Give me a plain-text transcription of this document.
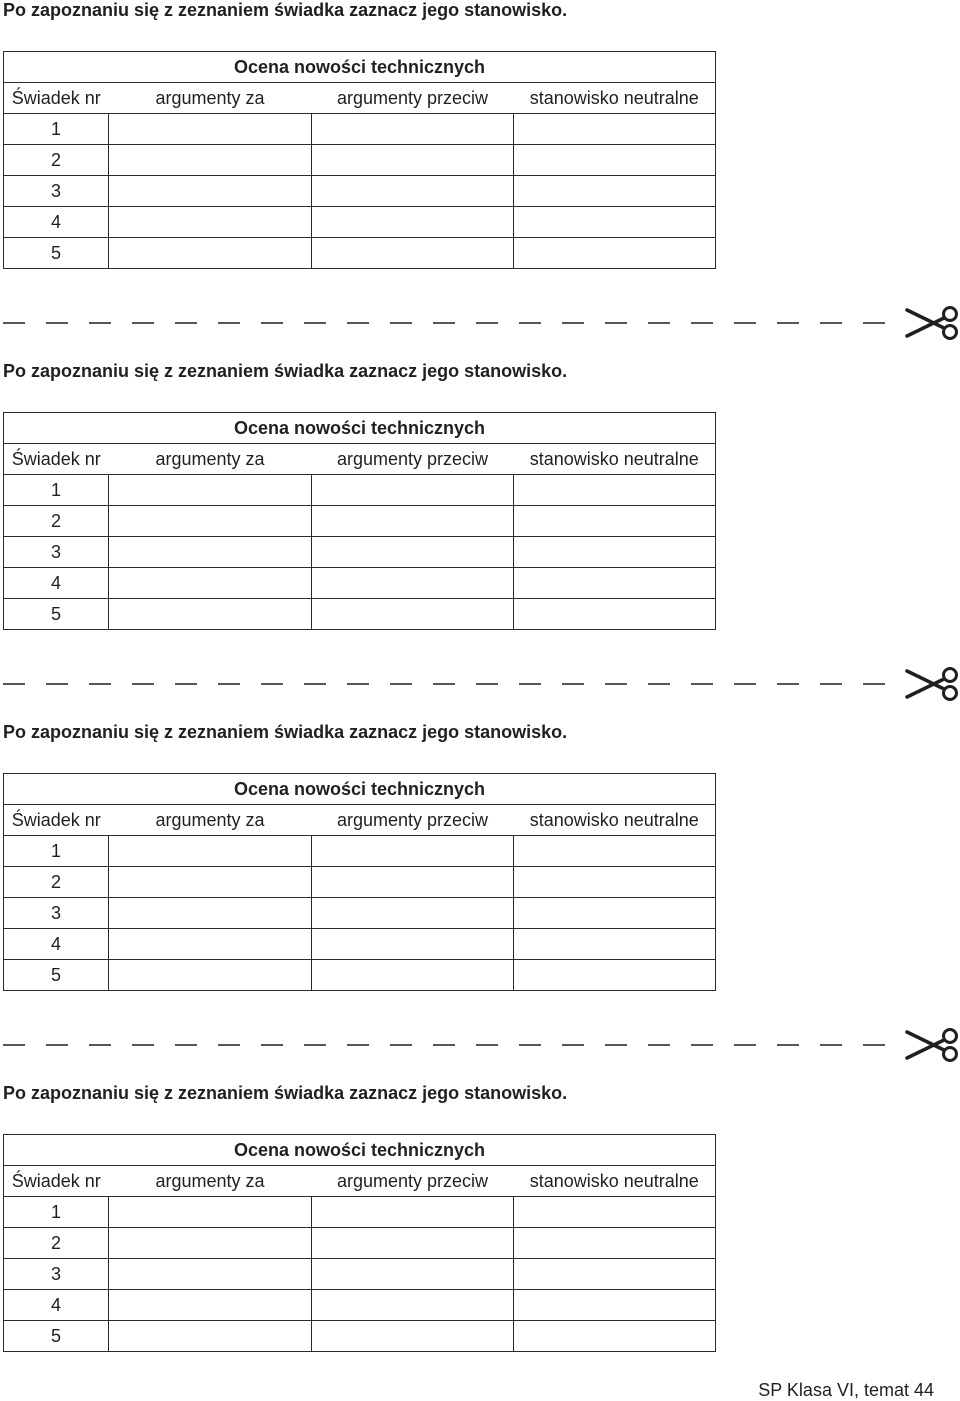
Po zapoznaniu się z zeznaniem świadka zaznacz jego stanowisko.
Ocena nowości technicznych			
Świadek nr	argumenty za	argumenty przeciw	stanowisko neutralne
1			
2			
3			
4			
5			
Po zapoznaniu się z zeznaniem świadka zaznacz jego stanowisko.
Ocena nowości technicznych			
Świadek nr	argumenty za	argumenty przeciw	stanowisko neutralne
1			
2			
3			
4			
5			
Po zapoznaniu się z zeznaniem świadka zaznacz jego stanowisko.
Ocena nowości technicznych			
Świadek nr	argumenty za	argumenty przeciw	stanowisko neutralne
1			
2			
3			
4			
5			
Po zapoznaniu się z zeznaniem świadka zaznacz jego stanowisko.
Ocena nowości technicznych			
Świadek nr	argumenty za	argumenty przeciw	stanowisko neutralne
1			
2			
3			
4			
5			
SP Klasa VI, temat 44
